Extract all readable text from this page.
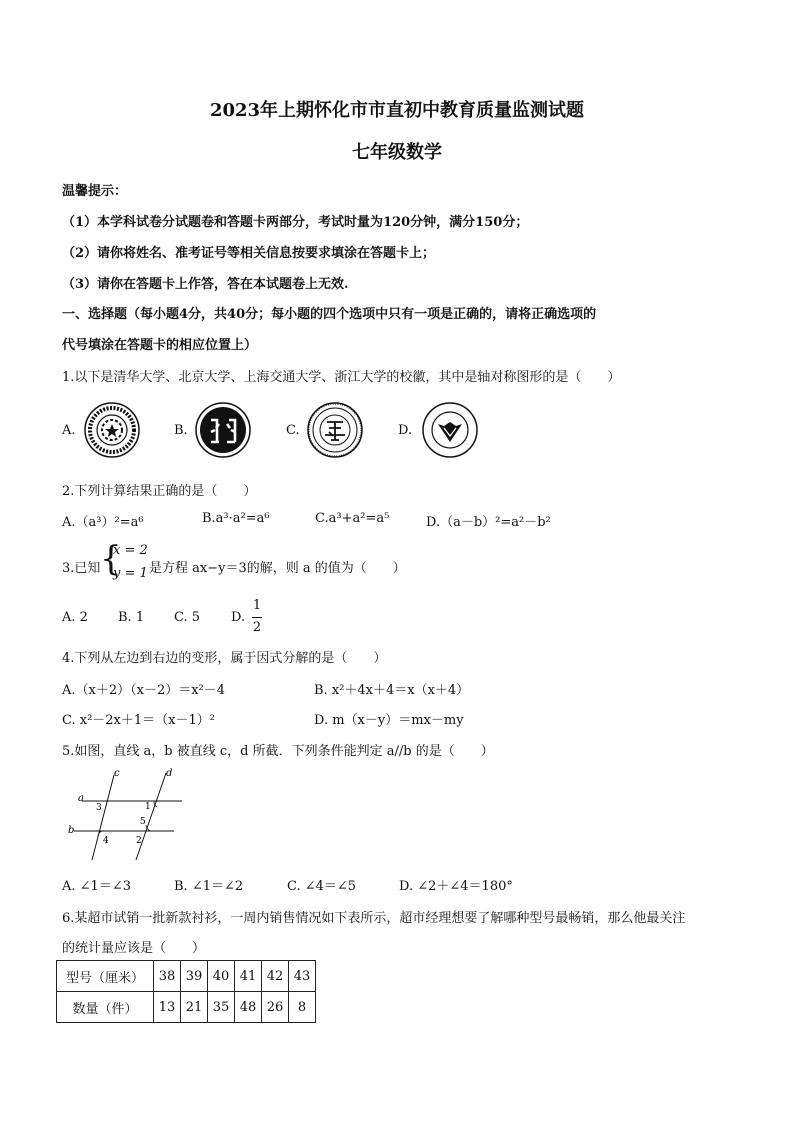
2023年上期怀化市市直初中教育质量监测试题
七年级数学
温馨提示：
（1）本学科试卷分试题卷和答题卡两部分，考试时量为120分钟，满分150分；
（2）请你将姓名、准考证号等相关信息按要求填涂在答题卡上；
（3）请你在答题卡上作答，答在本试题卷上无效.
一、选择题（每小题4分，共40分；每小题的四个选项中只有一项是正确的，请将正确选项的
代号填涂在答题卡的相应位置上）
1.以下是清华大学、北京大学、上海交通大学、浙江大学的校徽，其中是轴对称图形的是（　　）
A.	B.	C.	D.
2.下列计算结果正确的是（　　）
A.（a³）²=a⁶	B.a³·a²=a⁶	C.a³+a²=a⁵	D.（a－b）²=a²－b²
3.已知 {
x = 2
y = 1 是方程 ax−y＝3的解，则 a 的值为（　　）
A. 2 B. 1 C. 5 D.
1
2
4.下列从左边到右边的变形，属于因式分解的是（　　）
A.（x＋2）（x－2）＝x²－4	B. x²＋4x＋4＝x（x＋4）
C. x²－2x＋1＝（x－1）²	D. m（x－y）＝mx－my
5.如图，直线 a，b 被直线 c，d 所截．下列条件能判定 a//b 的是（　　）
c	d
a
b
3	1
5
4	2
A. ∠1＝∠3	B. ∠1＝∠2	C. ∠4＝∠5	D. ∠2＋∠4＝180°
6.某超市试销一批新款衬衫，一周内销售情况如下表所示，超市经理想要了解哪种型号最畅销，那么他最关注
的统计量应该是（　　）
型号（厘米）	38	39	40	41	42	43
数量（件）	13	21	35	48	26	8
